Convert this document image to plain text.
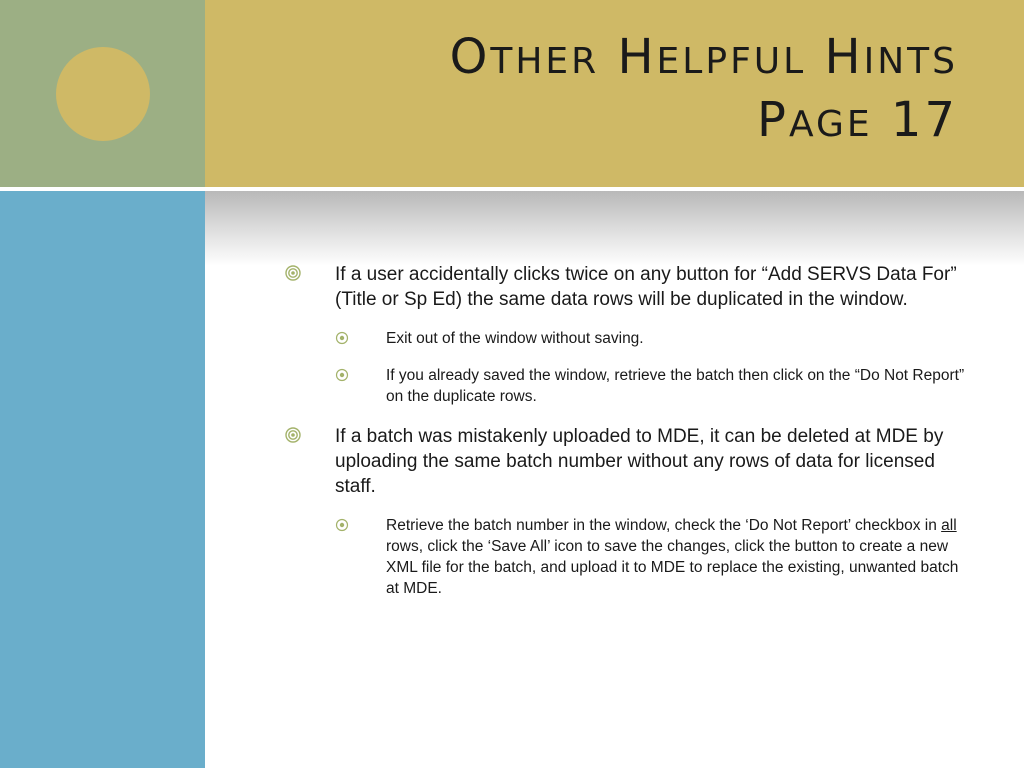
OTHER HELPFUL HINTS
PAGE 17
If a user accidentally clicks twice on any button for “Add SERVS Data For” (Title or Sp Ed) the same data rows will be duplicated in the window.
Exit out of the window without saving.
If you already saved the window, retrieve the batch then click on the “Do Not Report” on the duplicate rows.
If a batch was mistakenly uploaded to MDE, it can be deleted at MDE by uploading the same batch number without any rows of data for licensed staff.
Retrieve the batch number in the window, check the ‘Do Not Report’ checkbox in all rows, click the ‘Save All’ icon to save the changes, click the button to create a new XML file for the batch, and upload it to MDE to replace the existing, unwanted batch at MDE.
